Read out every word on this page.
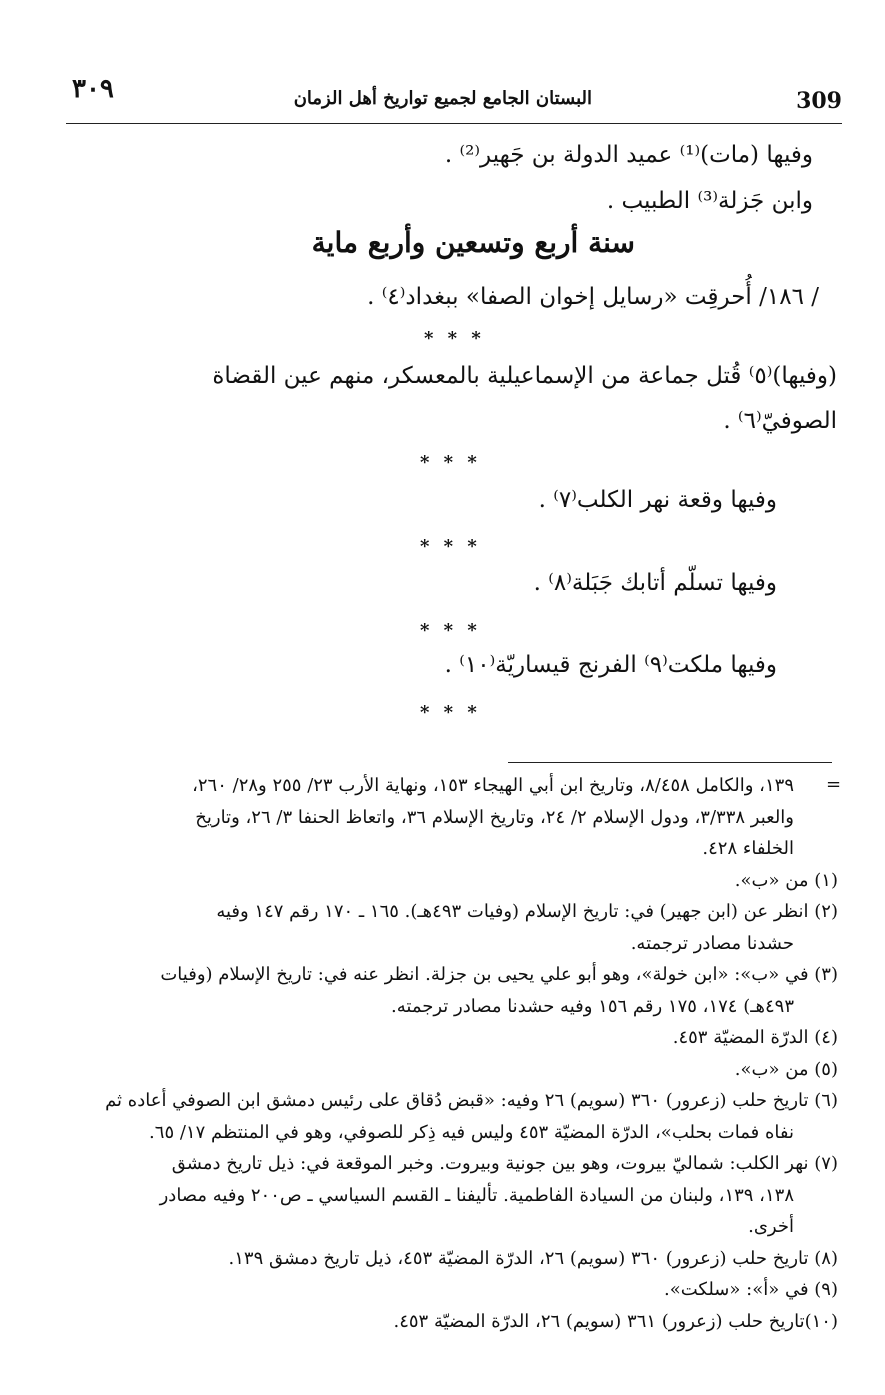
309
البستان الجامع لجميع تواريخ أهل الزمان
٣٠٩
وفيها (مات)⁽¹⁾ عميد الدولة بن جَهير⁽²⁾ .
وابن جَزلة⁽³⁾ الطبيب .
سنة أربع وتسعين وأربع ماية
/ ١٨٦/ أُحرقِت «رسايل إخوان الصفا» ببغداد⁽٤⁾ .
* * *
(وفيها)⁽٥⁾ قُتل جماعة من الإسماعيلية بالمعسكر، منهم عين القضاة
الصوفيّ⁽٦⁾ .
* * *
وفيها وقعة نهر الكلب⁽٧⁾ .
* * *
وفيها تسلّم أتابك جَبَلة⁽٨⁾ .
* * *
وفيها ملكت⁽٩⁾ الفرنج قيساريّة⁽١٠⁾ .
* * *
=
١٣٩، والكامل ٨/٤٥٨، وتاريخ ابن أبي الهيجاء ١٥٣، ونهاية الأرب ٢٣/ ٢٥٥ و٢٨/ ٢٦٠،
والعبر ٣/٣٣٨، ودول الإسلام ٢/ ٢٤، وتاريخ الإسلام ٣٦، واتعاظ الحنفا ٣/ ٢٦، وتاريخ
الخلفاء ٤٢٨.
(١) من «ب».
(٢) انظر عن (ابن جهير) في: تاريخ الإسلام (وفيات ٤٩٣هـ). ١٦٥ ـ ١٧٠ رقم ١٤٧ وفيه
حشدنا مصادر ترجمته.
(٣) في «ب»: «ابن خولة»، وهو أبو علي يحيى بن جزلة. انظر عنه في: تاريخ الإسلام (وفيات
٤٩٣هـ) ١٧٤، ١٧٥ رقم ١٥٦ وفيه حشدنا مصادر ترجمته.
(٤) الدرّة المضيّة ٤٥٣.
(٥) من «ب».
(٦) تاريخ حلب (زعرور) ٣٦٠ (سويم) ٢٦ وفيه: «قبض دُقاق على رئيس دمشق ابن الصوفي أعاده ثم
نفاه فمات بحلب»، الدرّة المضيّة ٤٥٣ وليس فيه ذِكر للصوفي، وهو في المنتظم ١٧/ ٦٥.
(٧) نهر الكلب: شماليّ بيروت، وهو بين جونية وبيروت. وخبر الموقعة في: ذيل تاريخ دمشق
١٣٨، ١٣٩، ولبنان من السيادة الفاطمية. تأليفنا ـ القسم السياسي ـ ص٢٠٠ وفيه مصادر
أخرى.
(٨) تاريخ حلب (زعرور) ٣٦٠ (سويم) ٢٦، الدرّة المضيّة ٤٥٣، ذيل تاريخ دمشق ١٣٩.
(٩) في «أ»: «سلكت».
(١٠)تاريخ حلب (زعرور) ٣٦١ (سويم) ٢٦، الدرّة المضيّة ٤٥٣.
